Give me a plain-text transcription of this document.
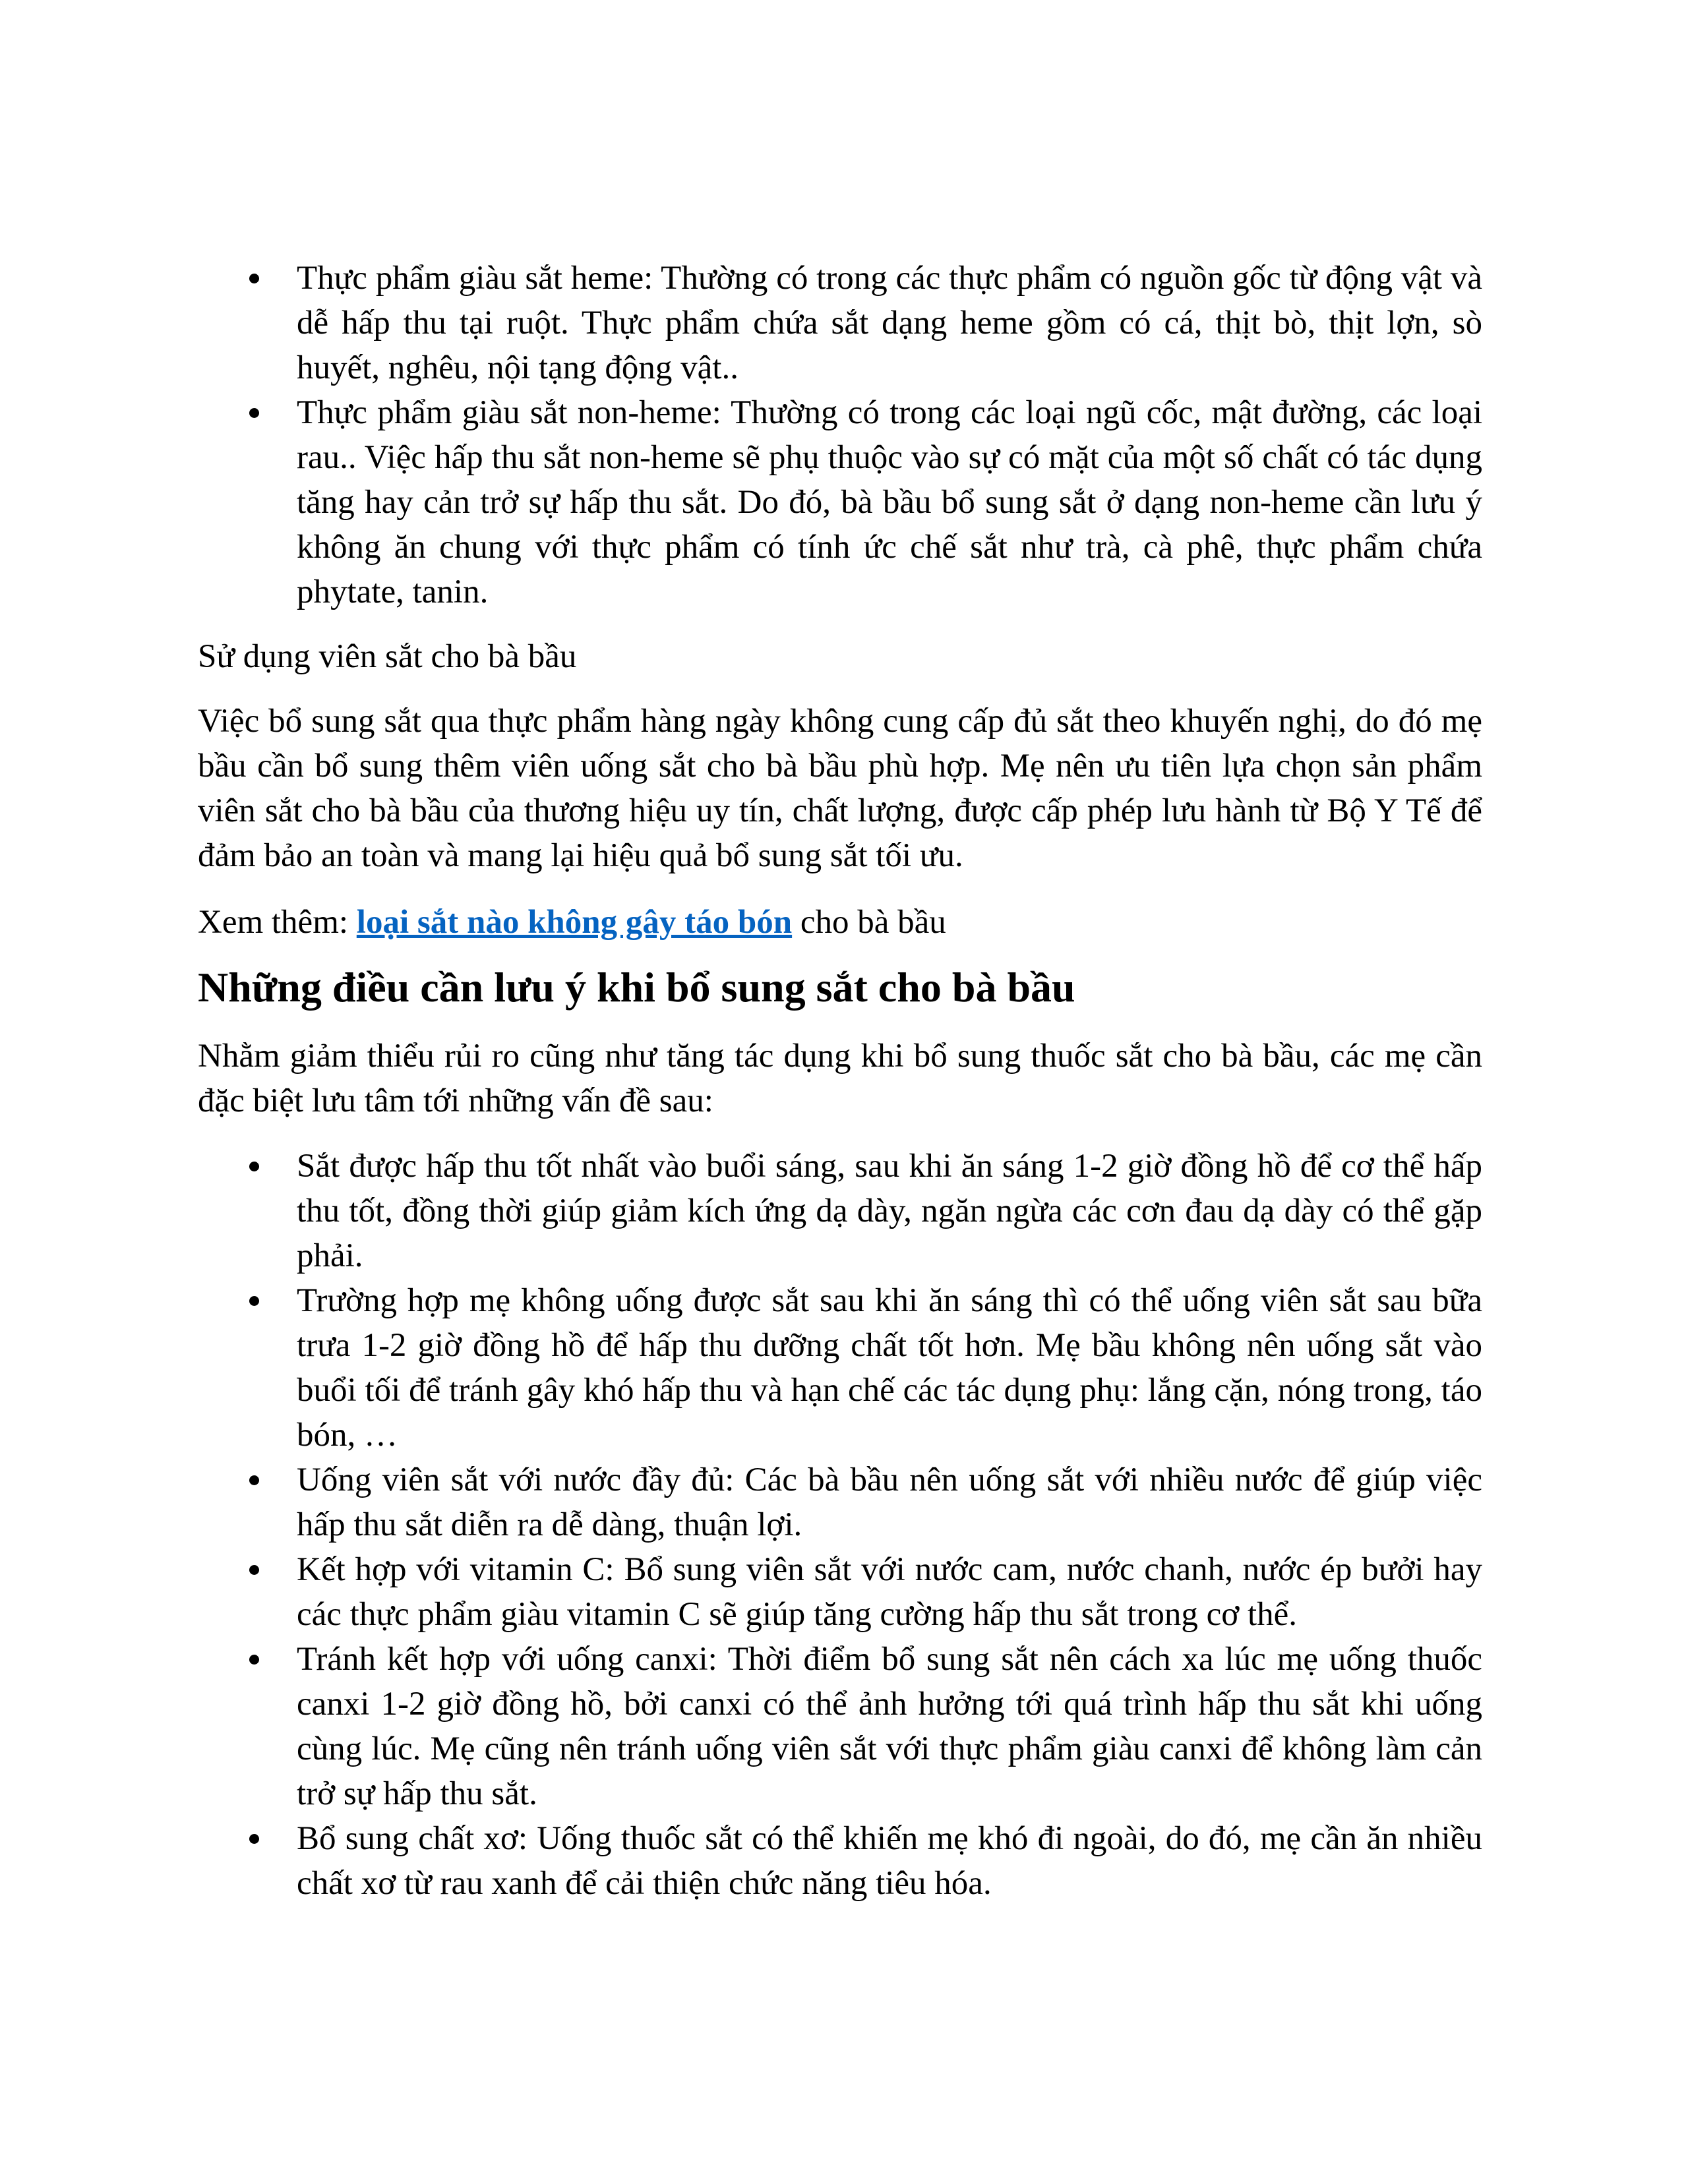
Thực phẩm giàu sắt heme: Thường có trong các thực phẩm có nguồn gốc từ động vật và dễ hấp thu tại ruột. Thực phẩm chứa sắt dạng heme gồm có cá, thịt bò, thịt lợn, sò huyết, nghêu, nội tạng động vật..
Thực phẩm giàu sắt non-heme: Thường có trong các loại ngũ cốc, mật đường, các loại rau.. Việc hấp thu sắt non-heme sẽ phụ thuộc vào sự có mặt của một số chất có tác dụng tăng hay cản trở sự hấp thu sắt. Do đó, bà bầu bổ sung sắt ở dạng non-heme cần lưu ý không ăn chung với thực phẩm có tính ức chế sắt như trà, cà phê, thực phẩm chứa phytate, tanin.

Sử dụng viên sắt cho bà bầu

Việc bổ sung sắt qua thực phẩm hàng ngày không cung cấp đủ sắt theo khuyến nghị, do đó mẹ bầu cần bổ sung thêm viên uống sắt cho bà bầu phù hợp. Mẹ nên ưu tiên lựa chọn sản phẩm viên sắt cho bà bầu của thương hiệu uy tín, chất lượng, được cấp phép lưu hành từ Bộ Y Tế để đảm bảo an toàn và mang lại hiệu quả bổ sung sắt tối ưu.

Xem thêm: loại sắt nào không gây táo bón cho bà bầu

Những điều cần lưu ý khi bổ sung sắt cho bà bầu

Nhằm giảm thiểu rủi ro cũng như tăng tác dụng khi bổ sung thuốc sắt cho bà bầu, các mẹ cần đặc biệt lưu tâm tới những vấn đề sau:

Sắt được hấp thu tốt nhất vào buổi sáng, sau khi ăn sáng 1-2 giờ đồng hồ để cơ thể hấp thu tốt, đồng thời giúp giảm kích ứng dạ dày, ngăn ngừa các cơn đau dạ dày có thể gặp phải.
Trường hợp mẹ không uống được sắt sau khi ăn sáng thì có thể uống viên sắt sau bữa trưa 1-2 giờ đồng hồ để hấp thu dưỡng chất tốt hơn. Mẹ bầu không nên uống sắt vào buổi tối để tránh gây khó hấp thu và hạn chế các tác dụng phụ: lắng cặn, nóng trong, táo bón, …
Uống viên sắt với nước đầy đủ: Các bà bầu nên uống sắt với nhiều nước để giúp việc hấp thu sắt diễn ra dễ dàng, thuận lợi.
Kết hợp với vitamin C: Bổ sung viên sắt với nước cam, nước chanh, nước ép bưởi hay các thực phẩm giàu vitamin C sẽ giúp tăng cường hấp thu sắt trong cơ thể.
Tránh kết hợp với uống canxi: Thời điểm bổ sung sắt nên cách xa lúc mẹ uống thuốc canxi 1-2 giờ đồng hồ, bởi canxi có thể ảnh hưởng tới quá trình hấp thu sắt khi uống cùng lúc. Mẹ cũng nên tránh uống viên sắt với thực phẩm giàu canxi để không làm cản trở sự hấp thu sắt.
Bổ sung chất xơ: Uống thuốc sắt có thể khiến mẹ khó đi ngoài, do đó, mẹ cần ăn nhiều chất xơ từ rau xanh để cải thiện chức năng tiêu hóa.
